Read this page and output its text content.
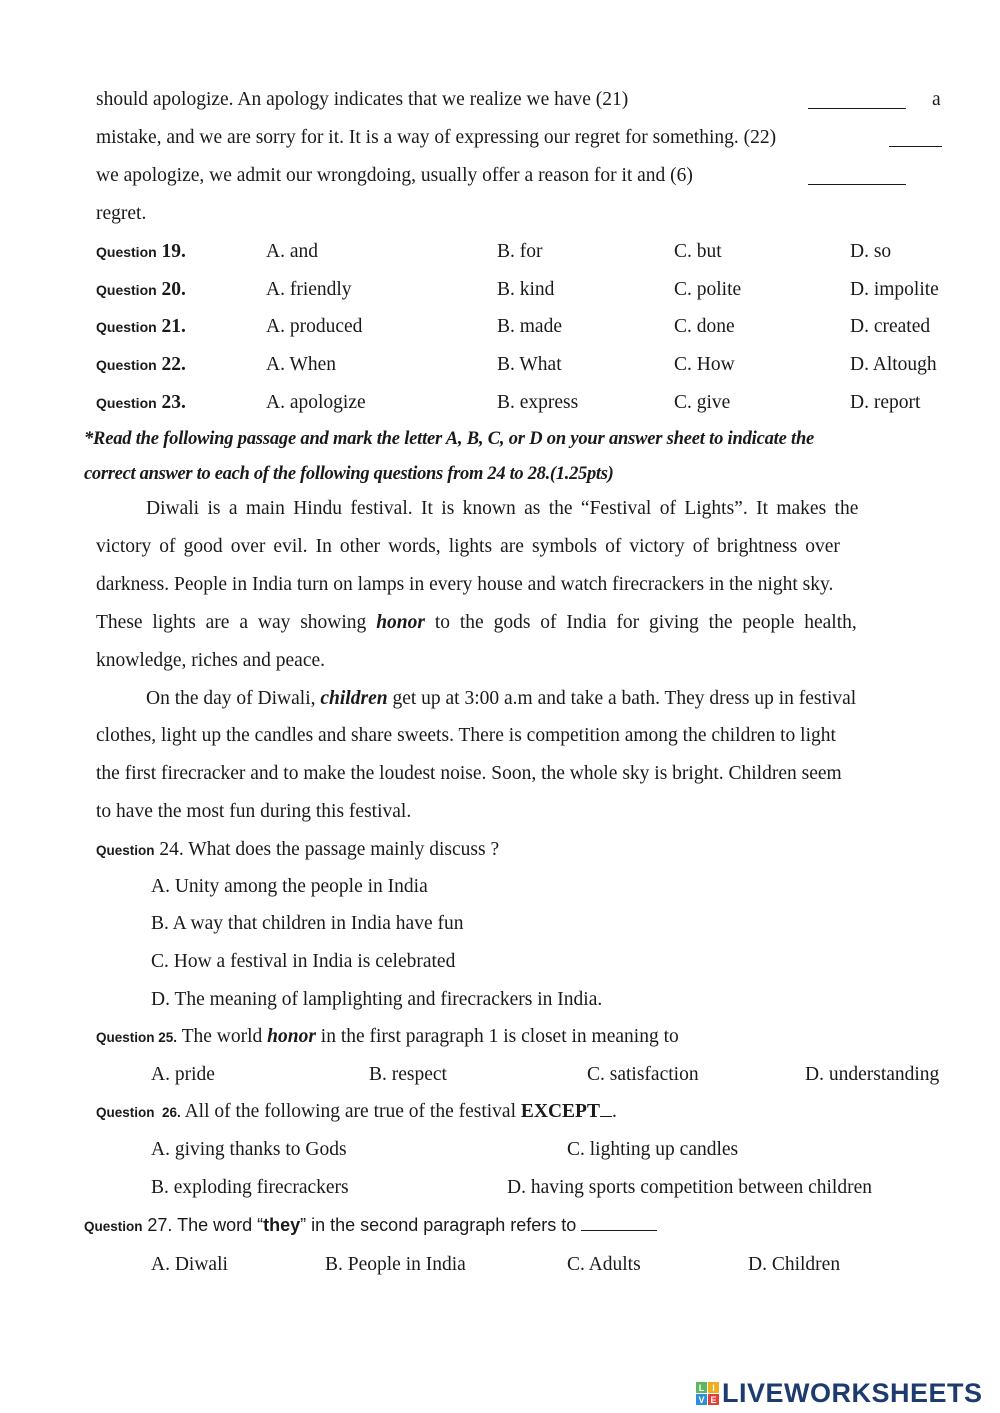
should apologize. An apology indicates that we realize we have (21)	a
mistake, and we are sorry for it. It is a way of expressing our regret for something. (22)
we apologize, we admit our wrongdoing, usually offer a reason for it and (6)
regret.
Question 19.	A. and	B. for	C. but	D. so
Question 20.	A. friendly	B. kind	C. polite	D. impolite
Question 21.	A. produced	B. made	C. done	D. created
Question 22.	A. When	B. What	C. How	D. Altough
Question 23.	A. apologize	B. express	C. give	D. report
*Read the following passage and mark the letter A, B, C, or D on your answer sheet to indicate the
correct answer to each of the following questions from 24 to 28.(1.25pts)
Diwali is a main Hindu festival. It is known as the “Festival of Lights”. It makes the
victory of good over evil. In other words, lights are symbols of victory of brightness over
darkness. People in India turn on lamps in every house and watch firecrackers in the night sky.
These lights are a way showing honor to the gods of India for giving the people health,
knowledge, riches and peace.
On the day of Diwali, children get up at 3:00 a.m and take a bath. They dress up in festival
clothes, light up the candles and share sweets. There is competition among the children to light
the first firecracker and to make the loudest noise. Soon, the whole sky is bright. Children seem
to have the most fun during this festival.
Question 24. What does the passage mainly discuss ?
A. Unity among the people in India
B. A way that children in India have fun
C. How a festival in India is celebrated
D. The meaning of lamplighting and firecrackers in India.
Question 25. The world honor in the first paragraph 1 is closet in meaning to
A. pride	B. respect	C. satisfaction	D. understanding
Question  26. All of the following are true of the festival EXCEPT .
A. giving thanks to Gods	C. lighting up candles
B. exploding firecrackers	D. having sports competition between children
Question 27. The word “they” in the second paragraph refers to
A. Diwali	B. People in India	C. Adults	D. Children
L I
V E LIVEWORKSHEETS
